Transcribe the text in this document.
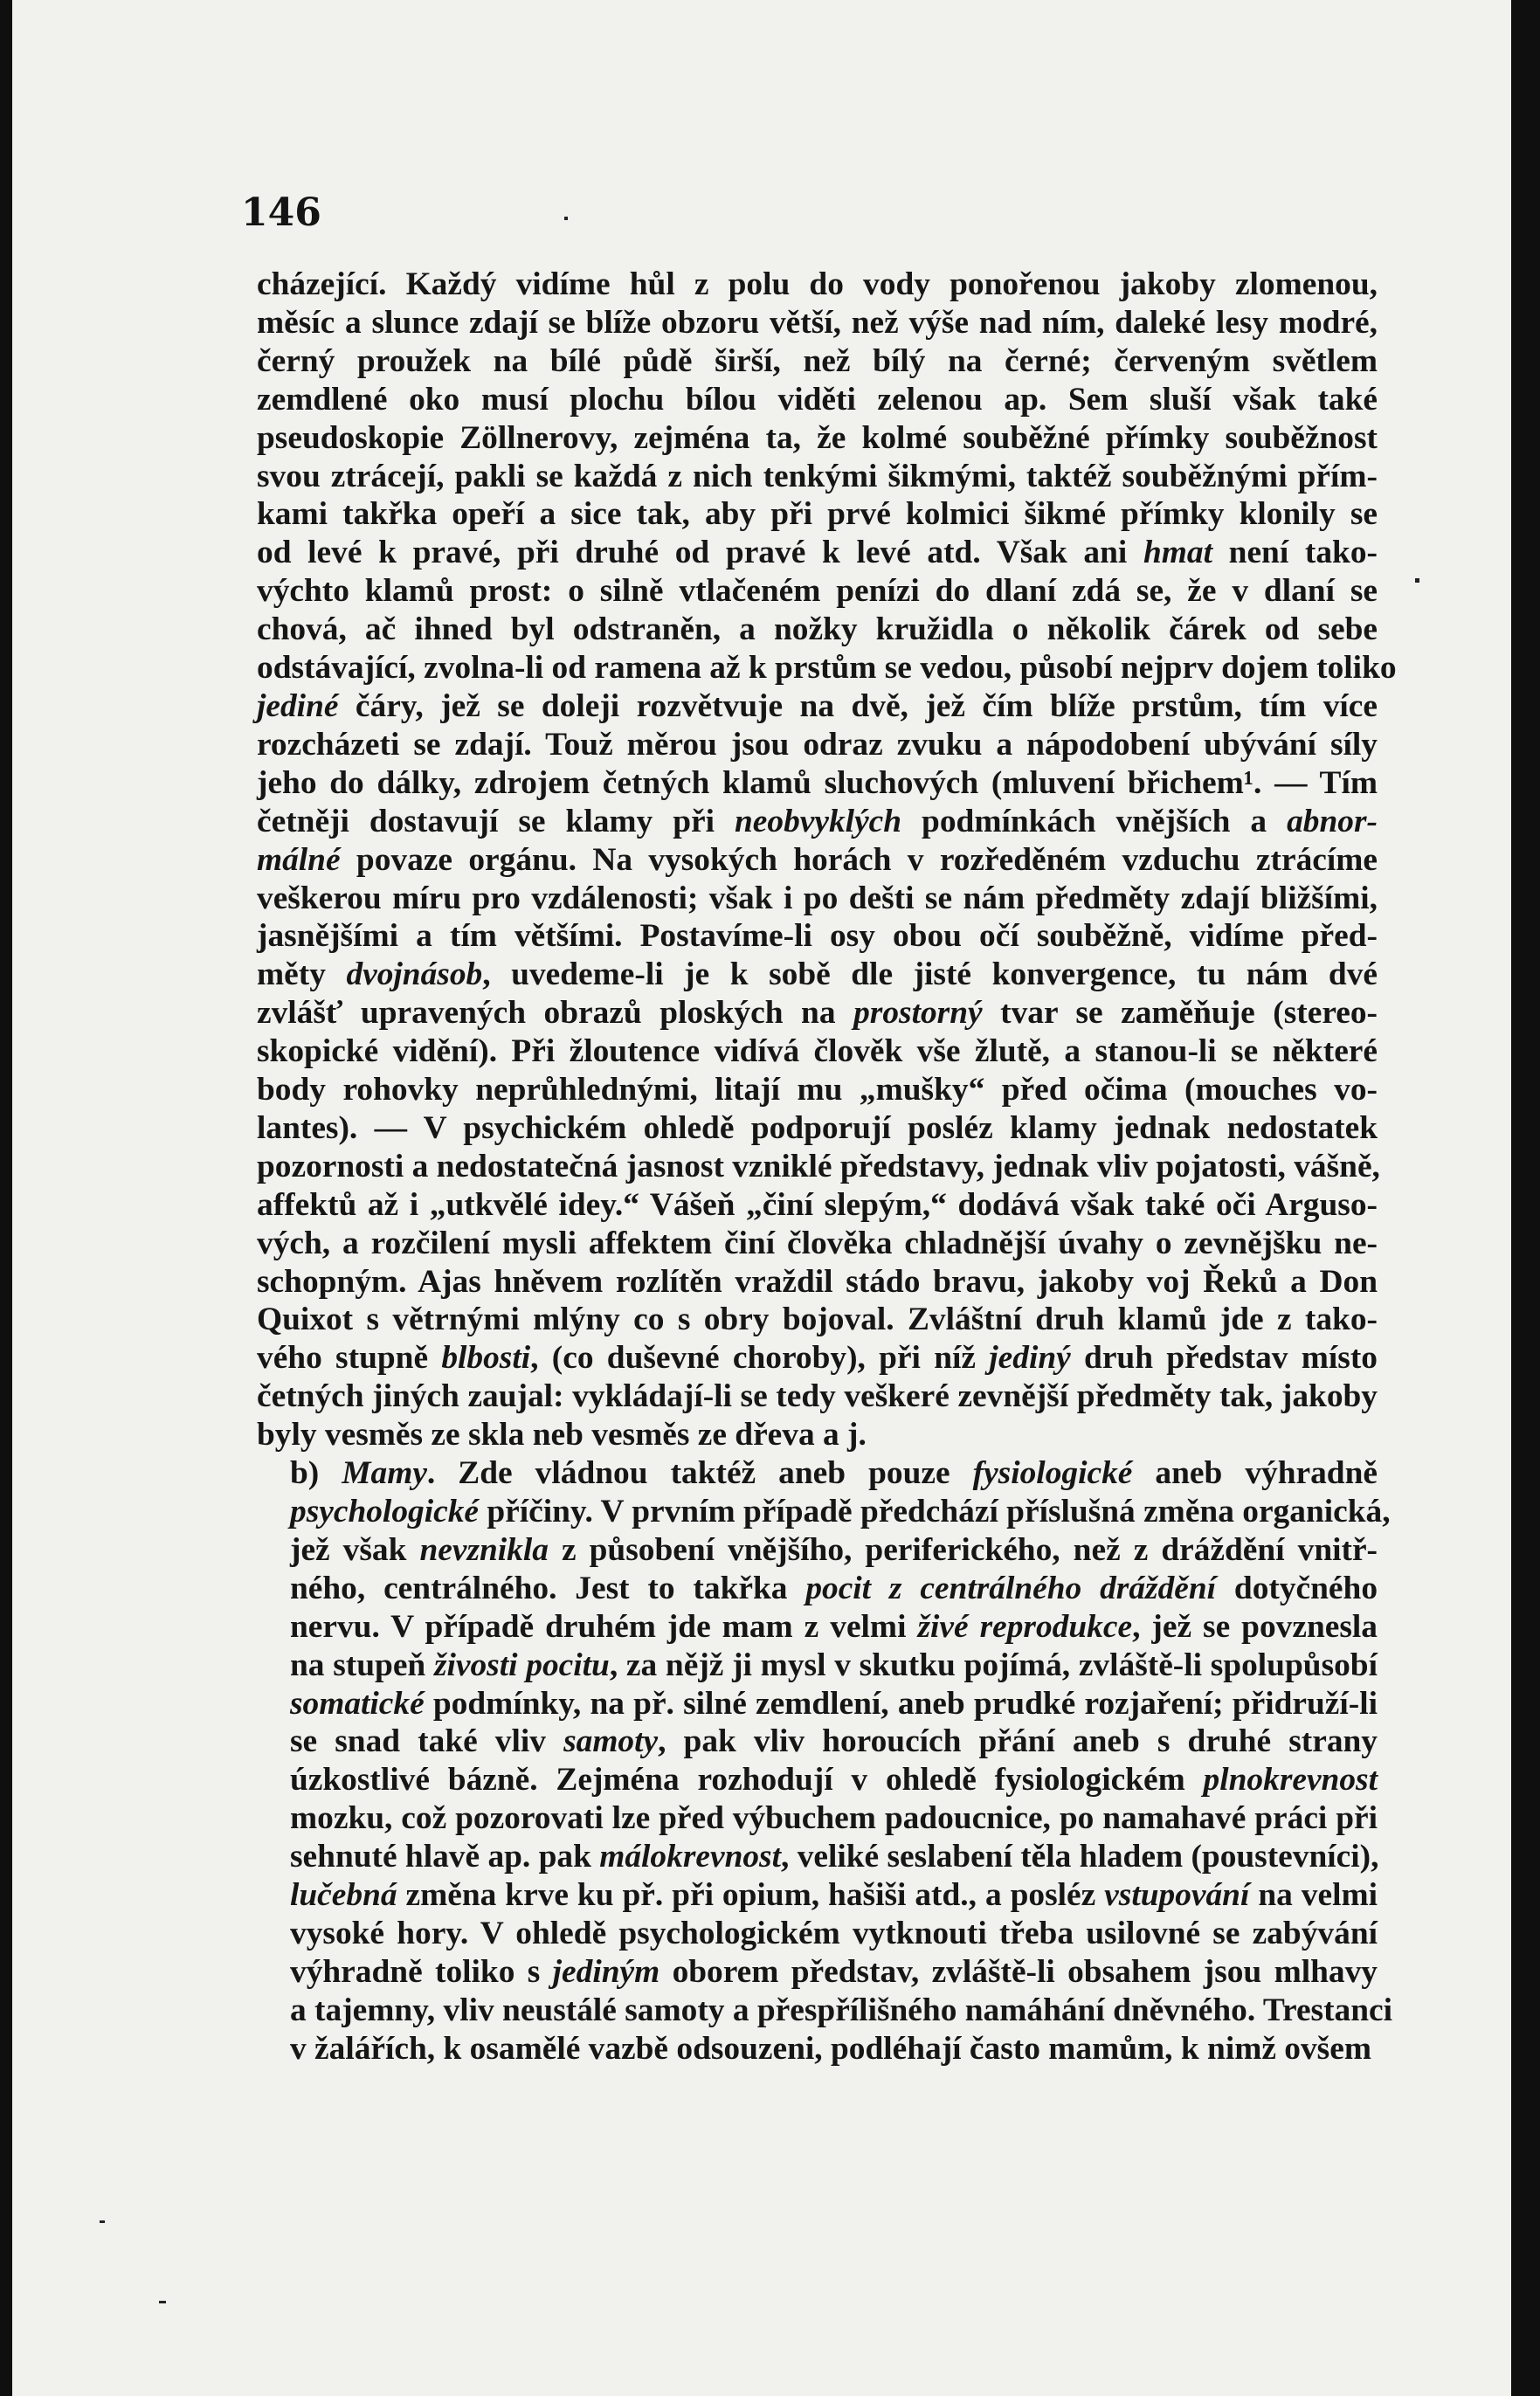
146

cházející. Každý vidíme hůl z polu do vody ponořenou jakoby zlomenou,
měsíc a slunce zdají se blíže obzoru větší, než výše nad ním, daleké lesy modré,
černý proužek na bílé půdě širší, než bílý na černé; červeným světlem
zemdlené oko musí plochu bílou viděti zelenou ap. Sem sluší však také
pseudoskopie Zöllnerovy, zejména ta, že kolmé souběžné přímky souběžnost
svou ztrácejí, pakli se každá z nich tenkými šikmými, taktéž souběžnými přím-
kami takřka opeří a sice tak, aby při prvé kolmici šikmé přímky klonily se
od levé k pravé, při druhé od pravé k levé atd. Však ani hmat není tako-
výchto klamů prost: o silně vtlačeném penízi do dlaní zdá se, že v dlaní se
chová, ač ihned byl odstraněn, a nožky kružidla o několik čárek od sebe
odstávající, zvolna-li od ramena až k prstům se vedou, působí nejprv dojem toliko
jediné čáry, jež se doleji rozvětvuje na dvě, jež čím blíže prstům, tím více
rozcházeti se zdají. Touž měrou jsou odraz zvuku a nápodobení ubývání síly
jeho do dálky, zdrojem četných klamů sluchových (mluvení břichem¹. — Tím
četněji dostavují se klamy při neobvyklých podmínkách vnějších a abnor-
málné povaze orgánu. Na vysokých horách v rozředěném vzduchu ztrácíme
veškerou míru pro vzdálenosti; však i po dešti se nám předměty zdají bližšími,
jasnějšími a tím většími. Postavíme-li osy obou očí souběžně, vidíme před-
měty dvojnásob, uvedeme-li je k sobě dle jisté konvergence, tu nám dvé
zvlášť upravených obrazů ploských na prostorný tvar se zaměňuje (stereo-
skopické vidění). Při žloutence vidívá člověk vše žlutě, a stanou-li se některé
body rohovky neprůhlednými, litají mu „mušky“ před očima (mouches vo-
lantes). — V psychickém ohledě podporují posléz klamy jednak nedostatek
pozornosti a nedostatečná jasnost vzniklé představy, jednak vliv pojatosti, vášně,
affektů až i „utkvělé idey.“ Vášeň „činí slepým,“ dodává však také oči Arguso-
vých, a rozčilení mysli affektem činí člověka chladnější úvahy o zevnějšku ne-
schopným. Ajas hněvem rozlítěn vraždil stádo bravu, jakoby voj Řeků a Don
Quixot s větrnými mlýny co s obry bojoval. Zvláštní druh klamů jde z tako-
vého stupně blbosti, (co duševné choroby), při níž jediný druh představ místo
četných jiných zaujal: vykládají-li se tedy veškeré zevnější předměty tak, jakoby
byly vesměs ze skla neb vesměs ze dřeva a j.

b) Mamy. Zde vládnou taktéž aneb pouze fysiologické aneb výhradně
psychologické příčiny. V prvním případě předchází příslušná změna organická,
jež však nevznikla z působení vnějšího, periferického, než z dráždění vnitř-
ného, centrálného. Jest to takřka pocit z centrálného dráždění dotyčného
nervu. V případě druhém jde mam z velmi živé reprodukce, jež se povznesla
na stupeň živosti pocitu, za nějž ji mysl v skutku pojímá, zvláště-li spolupůsobí
somatické podmínky, na př. silné zemdlení, aneb prudké rozjaření; přidruží-li
se snad také vliv samoty, pak vliv horoucích přání aneb s druhé strany
úzkostlivé bázně. Zejména rozhodují v ohledě fysiologickém plnokrevnost
mozku, což pozorovati lze před výbuchem padoucnice, po namahavé práci při
sehnuté hlavě ap. pak málokrevnost, veliké seslabení těla hladem (poustevníci),
lučebná změna krve ku př. při opium, hašiši atd., a posléz vstupování na velmi
vysoké hory. V ohledě psychologickém vytknouti třeba usilovné se zabývání
výhradně toliko s jediným oborem představ, zvláště-li obsahem jsou mlhavy
a tajemny, vliv neustálé samoty a přespřílišného namáhání dněvného. Trestanci
v žalářích, k osamělé vazbě odsouzeni, podléhají často mamům, k nimž ovšem
